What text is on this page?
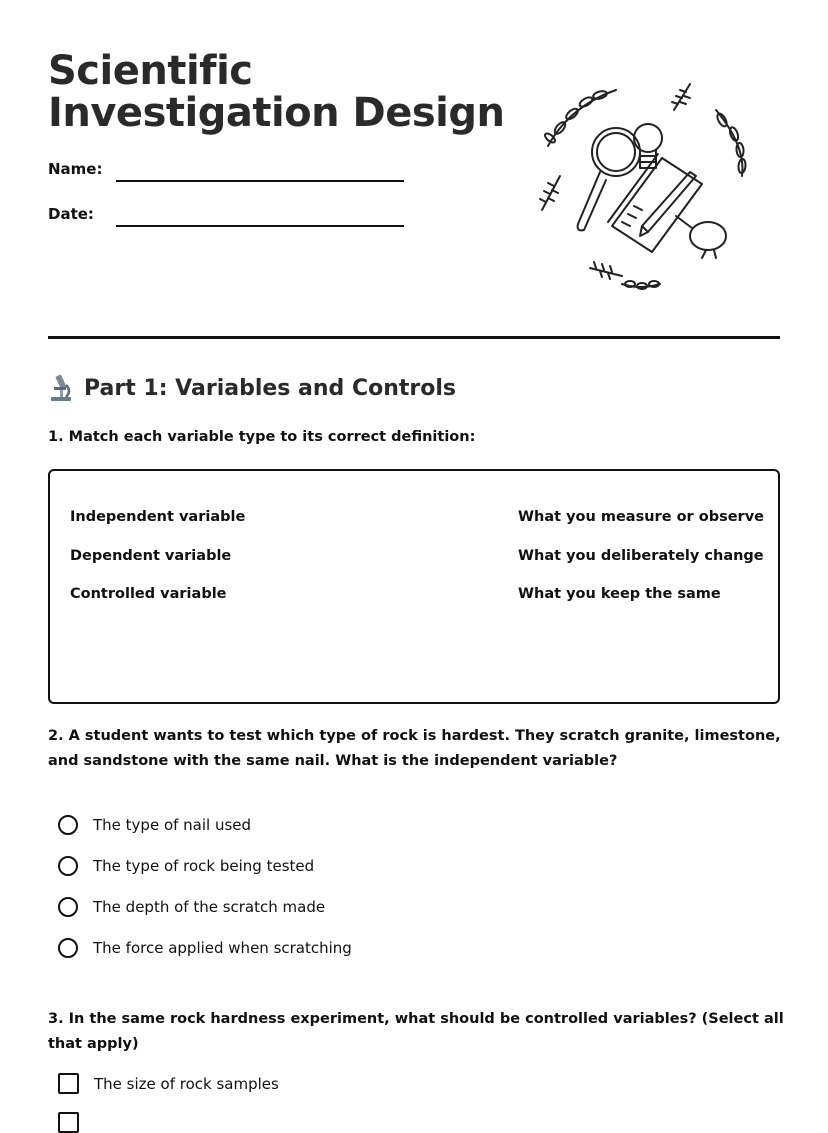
Scientific Investigation Design
Name:
Date:
Part 1: Variables and Controls

1. Match each variable type to its correct definition:

Independent variable
Dependent variable
Controlled variable
What you measure or observe
What you deliberately change
What you keep the same

2. A student wants to test which type of rock is hardest. They scratch granite, limestone, and sandstone with the same nail. What is the independent variable?

The type of nail used
The type of rock being tested
The depth of the scratch made
The force applied when scratching

3. In the same rock hardness experiment, what should be controlled variables? (Select all that apply)

The size of rock samples
